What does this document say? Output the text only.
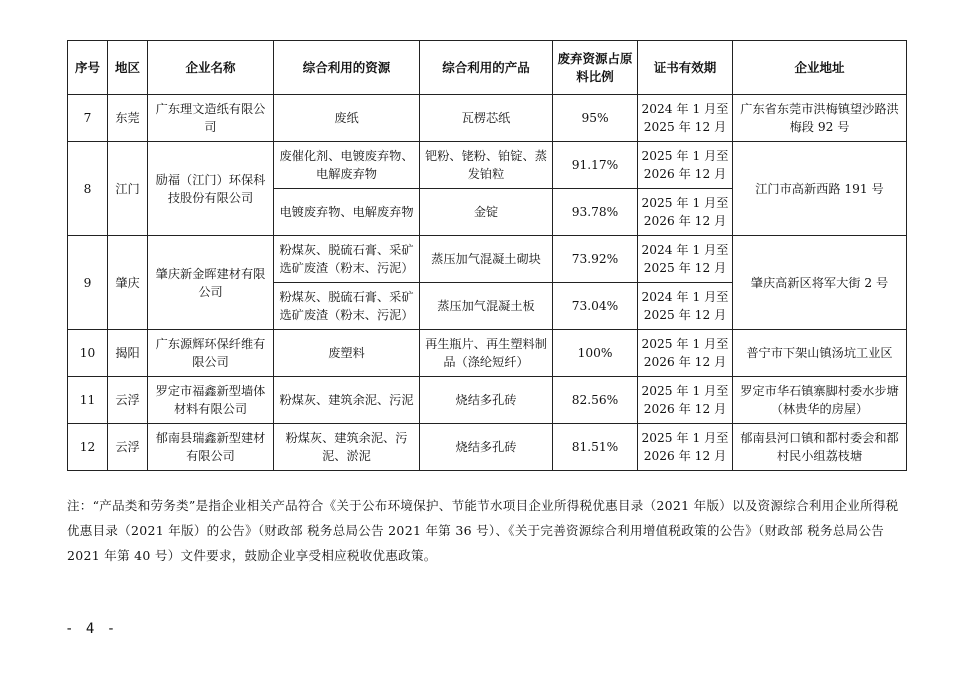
序号	地区	企业名称	综合利用的资源	综合利用的产品	废弃资源占原料比例	证书有效期	企业地址
7	东莞	广东理文造纸有限公司	废纸	瓦楞芯纸	95%	2024 年 1 月至 2025 年 12 月	广东省东莞市洪梅镇望沙路洪梅段 92 号
8	江门	励福（江门）环保科技股份有限公司	废催化剂、电镀废弃物、电解废弃物	钯粉、铑粉、铂锭、蒸发铂粒	91.17%	2025 年 1 月至 2026 年 12 月	江门市高新西路 191 号
			电镀废弃物、电解废弃物	金锭	93.78%	2025 年 1 月至 2026 年 12 月	
9	肇庆	肇庆新金晖建材有限公司	粉煤灰、脱硫石膏、采矿选矿废渣（粉末、污泥）	蒸压加气混凝土砌块	73.92%	2024 年 1 月至 2025 年 12 月	肇庆高新区将军大街 2 号
			粉煤灰、脱硫石膏、采矿选矿废渣（粉末、污泥）	蒸压加气混凝土板	73.04%	2024 年 1 月至 2025 年 12 月	
10	揭阳	广东源辉环保纤维有限公司	废塑料	再生瓶片、再生塑料制品（涤纶短纤）	100%	2025 年 1 月至 2026 年 12 月	普宁市下架山镇汤坑工业区
11	云浮	罗定市福鑫新型墙体材料有限公司	粉煤灰、建筑余泥、污泥	烧结多孔砖	82.56%	2025 年 1 月至 2026 年 12 月	罗定市华石镇寨脚村委水步塘（林贵华的房屋）
12	云浮	郁南县瑞鑫新型建材有限公司	粉煤灰、建筑余泥、污泥、淤泥	烧结多孔砖	81.51%	2025 年 1 月至 2026 年 12 月	郁南县河口镇和都村委会和都村民小组荔枝塘
注：“产品类和劳务类”是指企业相关产品符合《关于公布环境保护、节能节水项目企业所得税优惠目录（2021 年版）以及资源综合利用企业所得税优惠目录（2021 年版）的公告》（财政部 税务总局公告 2021 年第 36 号）、《关于完善资源综合利用增值税政策的公告》（财政部 税务总局公告 2021 年第 40 号）文件要求，鼓励企业享受相应税收优惠政策。
- 4 -
